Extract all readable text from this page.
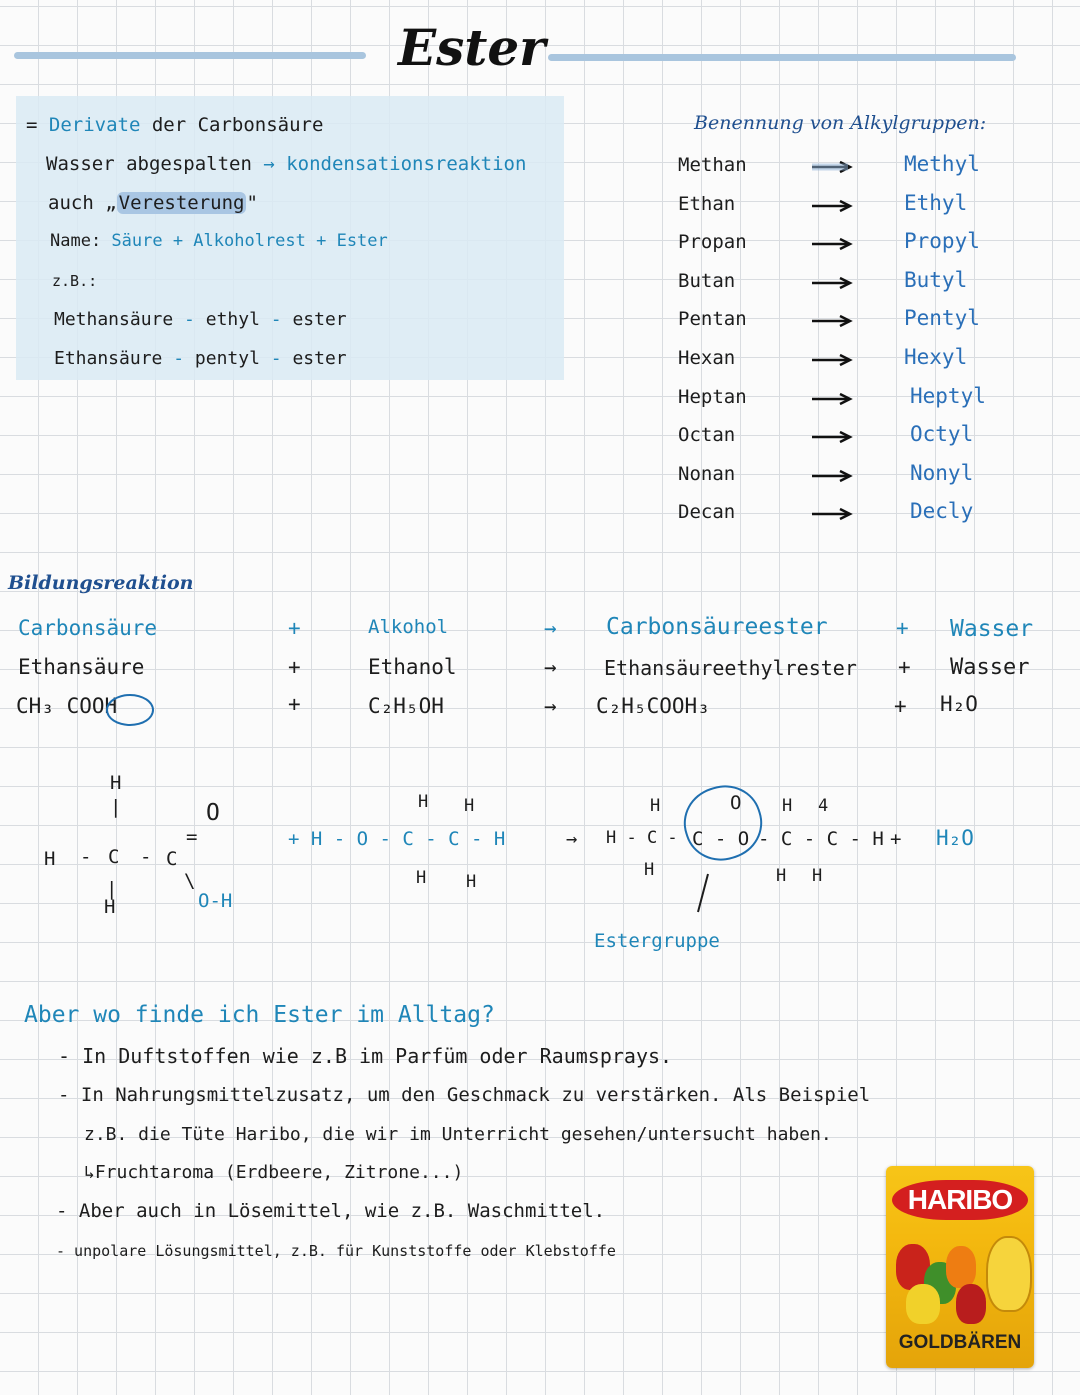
Ester
= Derivate der Carbonsäure
Wasser abgespalten → kondensationsreaktion
auch „ Veresterung "
Name: Säure + Alkoholrest + Ester
z.B.:
Methansäure - ethyl - ester
Ethansäure - pentyl - ester
Benennung von Alkylgruppen:
Methan	Methyl
Ethan	Ethyl
Propan	Propyl
Butan	Butyl
Pentan	Pentyl
Hexan	Hexyl
Heptan	Heptyl
Octan	Octyl
Nonan	Nonyl
Decan	Decly
Bildungsreaktion
Carbonsäure	+	Alkohol	→ Carbonsäureester	+ Wasser
Ethansäure	+	Ethanol	→ Ethansäureethylrester + Wasser
CH₃ COOH	+	C₂H₅OH	→ C₂H₅COOH₃	+ H₂O
H
|
H - C - C
O
=
|
H
\
O-H
+ H - O - C - C - H
H H
H H
→ H - C -
H
H
C - O
O
- C - C - H
H 4
H H
+ H₂O
Estergruppe
Aber wo finde ich Ester im Alltag?
- In Duftstoffen wie z.B im Parfüm oder Raumsprays.
- In Nahrungsmittelzusatz, um den Geschmack zu verstärken. Als Beispiel
z.B. die Tüte Haribo, die wir im Unterricht gesehen/untersucht haben.
↳Fruchtaroma (Erdbeere, Zitrone...)
- Aber auch in Lösemittel, wie z.B. Waschmittel.
- unpolare Lösungsmittel, z.B. für Kunststoffe oder Klebstoffe
HARIBO
GOLDBÄREN
